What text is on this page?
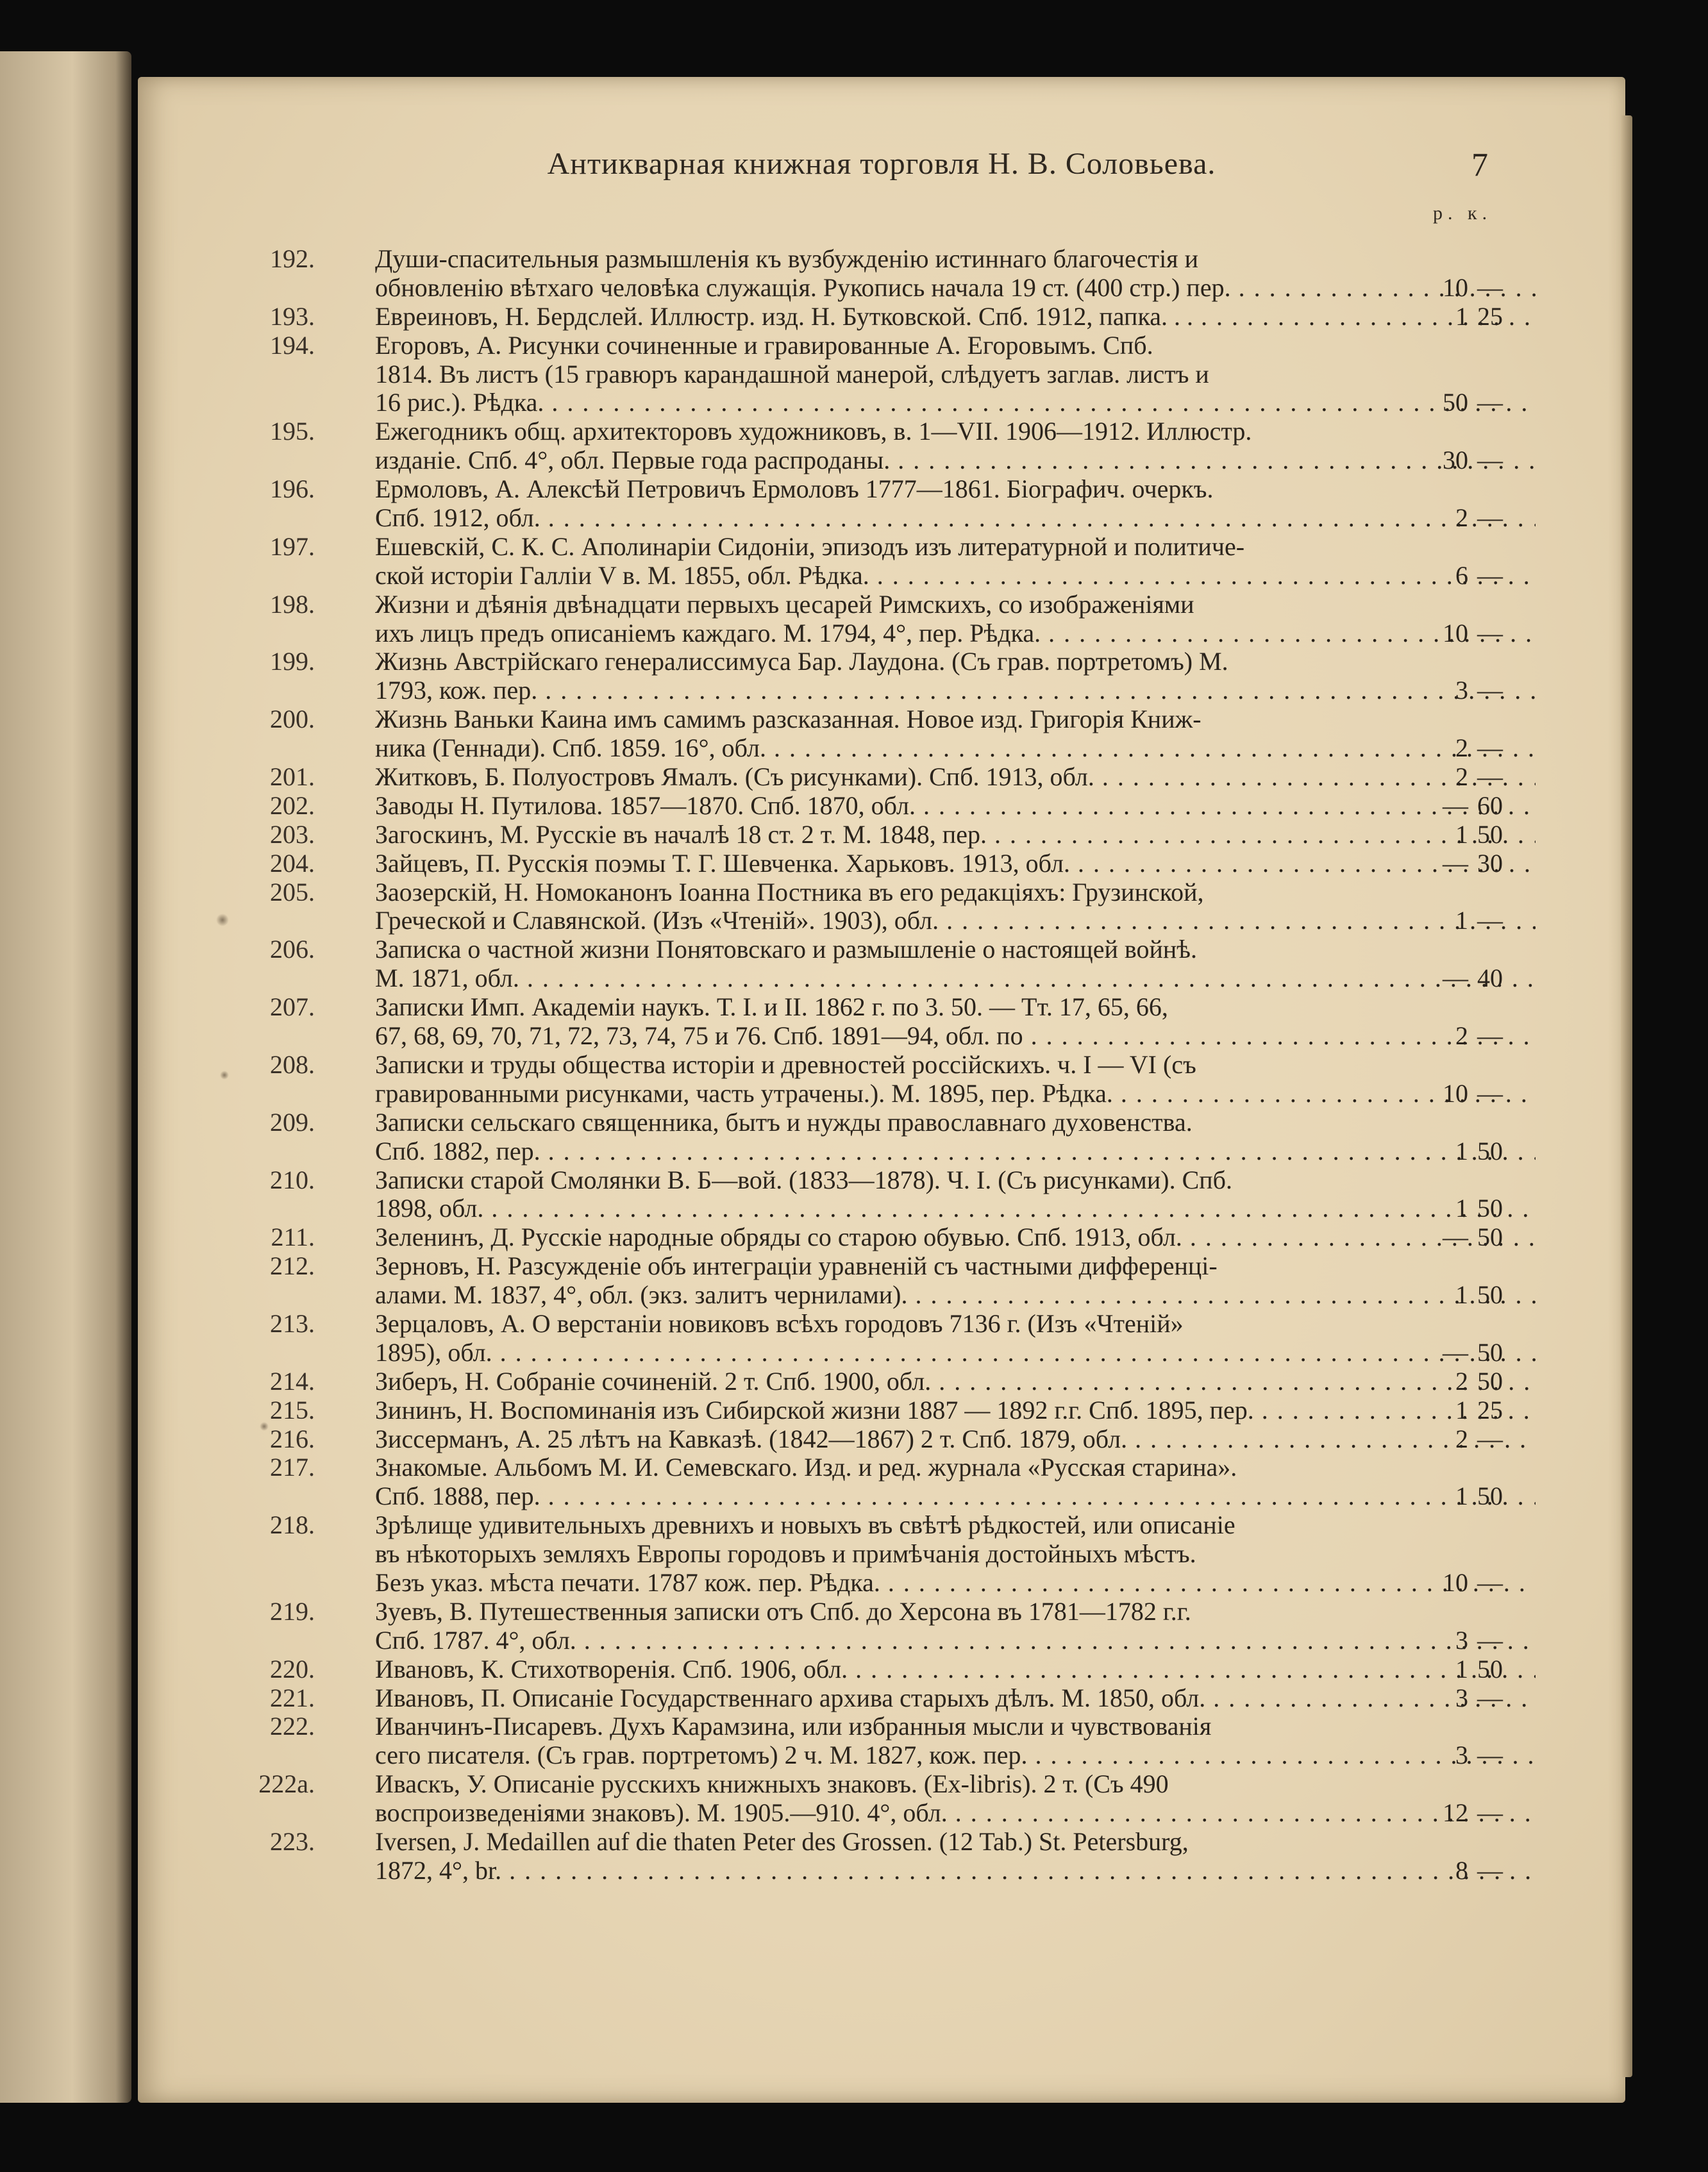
Антикварная книжная торговля Н. В. Соловьева.	7
р. к.
192. Души-спасительныя размышленія къ вузбужденію истиннаго благочестія и
обновленію вѣтхаго человѣка служащія. Рукопись начала 19 ст. (400 стр.) пер. . . .	10 —
193. Евреиновъ, Н. Бердслей. Иллюстр. изд. Н. Бутковской. Спб. 1912, папка. . . . . .	1 25
194. Егоровъ, А. Рисунки сочиненные и гравированные А. Егоровымъ. Спб.
1814. Въ листъ (15 гравюръ карандашной манерой, слѣдуетъ заглав. листъ и
16 рис.). Рѣдка. . . .	50 —
195. Ежегодникъ общ. архитекторовъ художниковъ, в. 1—VII. 1906—1912. Иллюстр.
изданіе. Спб. 4°, обл. Первые года распроданы. . . .	30 —
196. Ермоловъ, А. Алексѣй Петровичъ Ермоловъ 1777—1861. Біографич. очеркъ.
Спб. 1912, обл. . . .	2 —
197. Ешевскій, С. К. С. Аполинаріи Сидоніи, эпизодъ изъ литературной и политиче-
ской исторіи Галліи V в. М. 1855, обл. Рѣдка. . . .	6 —
198. Жизни и дѣянія двѣнадцати первыхъ цесарей Римскихъ, со изображеніями
ихъ лицъ предъ описаніемъ каждаго. М. 1794, 4°, пер. Рѣдка. . . .	10 —
199. Жизнь Австрійскаго генералиссимуса Бар. Лаудона. (Съ грав. портретомъ) М.
1793, кож. пер. . . .	3 —
200. Жизнь Ваньки Каина имъ самимъ разсказанная. Новое изд. Григорія Книж-
ника (Геннади). Спб. 1859. 16°, обл. . . .	2 —
201. Житковъ, Б. Полуостровъ Ямалъ. (Съ рисунками). Спб. 1913, обл. . . .	2 —
202. Заводы Н. Путилова. 1857—1870. Спб. 1870, обл. . . .	— 60
203. Загоскинъ, М. Русскіе въ началѣ 18 ст. 2 т. М. 1848, пер. . . .	1 50
204. Зайцевъ, П. Русскія поэмы Т. Г. Шевченка. Харьковъ. 1913, обл. . . .	— 30
205. Заозерскій, Н. Номоканонъ Іоанна Постника въ его редакціяхъ: Грузинской,
Греческой и Славянской. (Изъ «Чтеній». 1903), обл. . . .	1 —
206. Записка о частной жизни Понятовскаго и размышленіе о настоящей войнѣ.
М. 1871, обл. . . .	— 40
207. Записки Имп. Академіи наукъ. Т. I. и II. 1862 г. по 3. 50. — Тт. 17, 65, 66,
67, 68, 69, 70, 71, 72, 73, 74, 75 и 76. Спб. 1891—94, обл. по . . .	2 —
208. Записки и труды общества исторіи и древностей россійскихъ. ч. I — VI (съ
гравированными рисунками, часть утрачены.). М. 1895, пер. Рѣдка. . . .	10 —
209. Записки сельскаго священника, бытъ и нужды православнаго духовенства.
Спб. 1882, пер. . . .	1 50
210. Записки старой Смолянки В. Б—вой. (1833—1878). Ч. I. (Съ рисунками). Спб.
1898, обл. . . .	1 50
211. Зеленинъ, Д. Русскіе народные обряды со старою обувью. Спб. 1913, обл. . . .	— 50
212. Зерновъ, Н. Разсужденіе объ интеграціи уравненій съ частными дифференці-
алами. М. 1837, 4°, обл. (экз. залитъ чернилами). . . .	1 50
213. Зерцаловъ, А. О верстаніи новиковъ всѣхъ городовъ 7136 г. (Изъ «Чтеній»
1895), обл. . . .	— 50
214. Зиберъ, Н. Собраніе сочиненій. 2 т. Спб. 1900, обл. . . .	2 50
215. Зининъ, Н. Воспоминанія изъ Сибирской жизни 1887 — 1892 г.г. Спб. 1895, пер. . . .	1 25
216. Зиссерманъ, А. 25 лѣтъ на Кавказѣ. (1842—1867) 2 т. Спб. 1879, обл. . . .	2 —
217. Знакомые. Альбомъ М. И. Семевскаго. Изд. и ред. журнала «Русская старина».
Спб. 1888, пер. . . .	1 50
218. Зрѣлище удивительныхъ древнихъ и новыхъ въ свѣтѣ рѣдкостей, или описаніе
въ нѣкоторыхъ земляхъ Европы городовъ и примѣчанія достойныхъ мѣстъ.
Безъ указ. мѣста печати. 1787 кож. пер. Рѣдка. . . .	10 —
219. Зуевъ, В. Путешественныя записки отъ Спб. до Херсона въ 1781—1782 г.г.
Спб. 1787. 4°, обл. . . .	3 —
220. Ивановъ, К. Стихотворенія. Спб. 1906, обл. . . .	1 50
221. Ивановъ, П. Описаніе Государственнаго архива старыхъ дѣлъ. М. 1850, обл. . . .	3 —
222. Иванчинъ-Писаревъ. Духъ Карамзина, или избранныя мысли и чувствованія
сего писателя. (Съ грав. портретомъ) 2 ч. М. 1827, кож. пер. . . .	3 —
222а. Иваскъ, У. Описаніе русскихъ книжныхъ знаковъ. (Ex-libris). 2 т. (Съ 490
воспроизведеніями знаковъ). М. 1905.—910. 4°, обл. . . .	12 —
223. Iversen, J. Medaillen auf die thaten Peter des Grossen. (12 Tab.) St. Petersburg,
1872, 4°, br. . . .	8 —
